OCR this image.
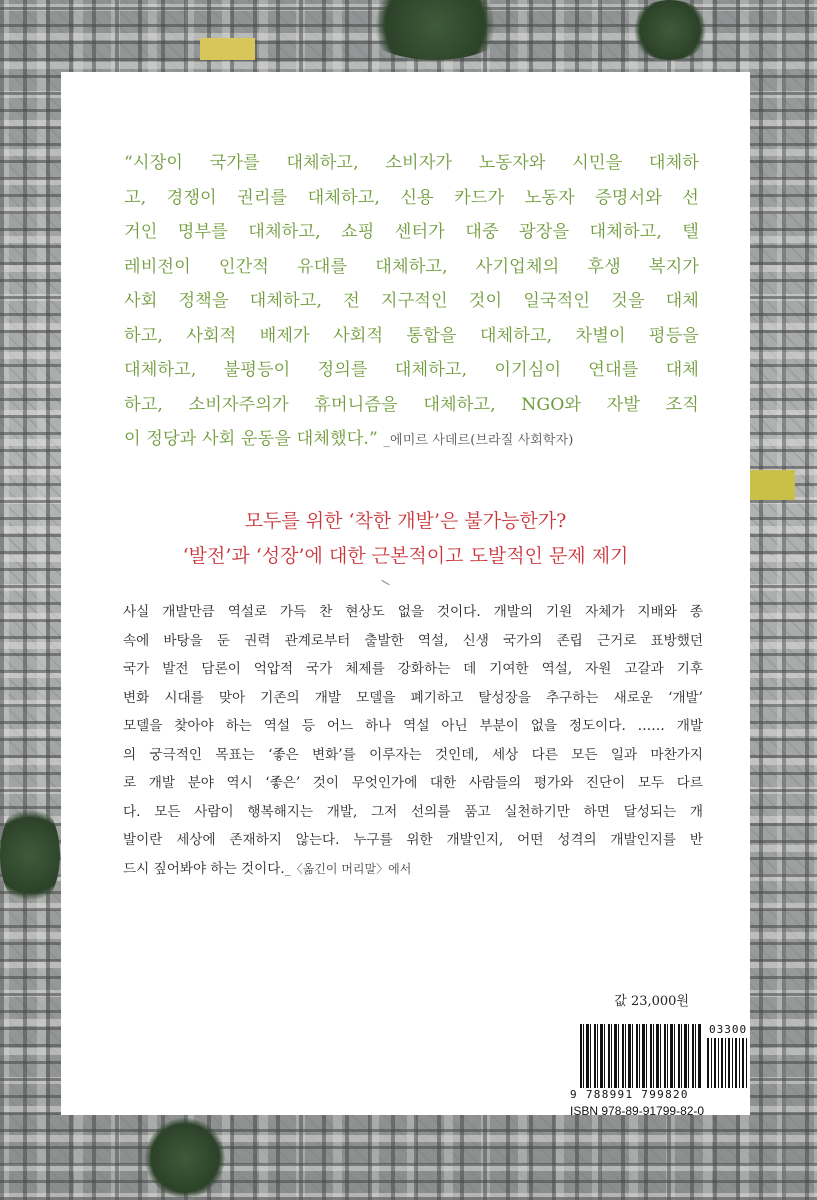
“시장이 국가를 대체하고, 소비자가 노동자와 시민을 대체하
고, 경쟁이 권리를 대체하고, 신용 카드가 노동자 증명서와 선
거인 명부를 대체하고, 쇼핑 센터가 대중 광장을 대체하고, 텔
레비전이 인간적 유대를 대체하고, 사기업체의 후생 복지가
사회 정책을 대체하고, 전 지구적인 것이 일국적인 것을 대체
하고, 사회적 배제가 사회적 통합을 대체하고, 차별이 평등을
대체하고, 불평등이 정의를 대체하고, 이기심이 연대를 대체
하고, 소비자주의가 휴머니즘을 대체하고, NGO와 자발 조직
이 정당과 사회 운동을 대체했다.” _에미르 사데르(브라질 사회학자)
모두를 위한 ‘착한 개발’은 불가능한가?
‘발전’과 ‘성장’에 대한 근본적이고 도발적인 문제 제기
사실 개발만큼 역설로 가득 찬 현상도 없을 것이다. 개발의 기원 자체가 지배와 종
속에 바탕을 둔 권력 관계로부터 출발한 역설, 신생 국가의 존립 근거로 표방했던
국가 발전 담론이 억압적 국가 체제를 강화하는 데 기여한 역설, 자원 고갈과 기후
변화 시대를 맞아 기존의 개발 모델을 폐기하고 탈성장을 추구하는 새로운 ‘개발’
모델을 찾아야 하는 역설 등 어느 하나 역설 아닌 부분이 없을 정도이다. …… 개발
의 궁극적인 목표는 ‘좋은 변화’를 이루자는 것인데, 세상 다른 모든 일과 마찬가지
로 개발 분야 역시 ‘좋은’ 것이 무엇인가에 대한 사람들의 평가와 진단이 모두 다르
다. 모든 사람이 행복해지는 개발, 그저 선의를 품고 실천하기만 하면 달성되는 개
발이란 세상에 존재하지 않는다. 누구를 위한 개발인지, 어떤 성격의 개발인지를 반
드시 짚어봐야 하는 것이다._〈옮긴이 머리말〉에서
값 23,000원
03300
9 788991 799820
ISBN 978-89-91799-82-0
